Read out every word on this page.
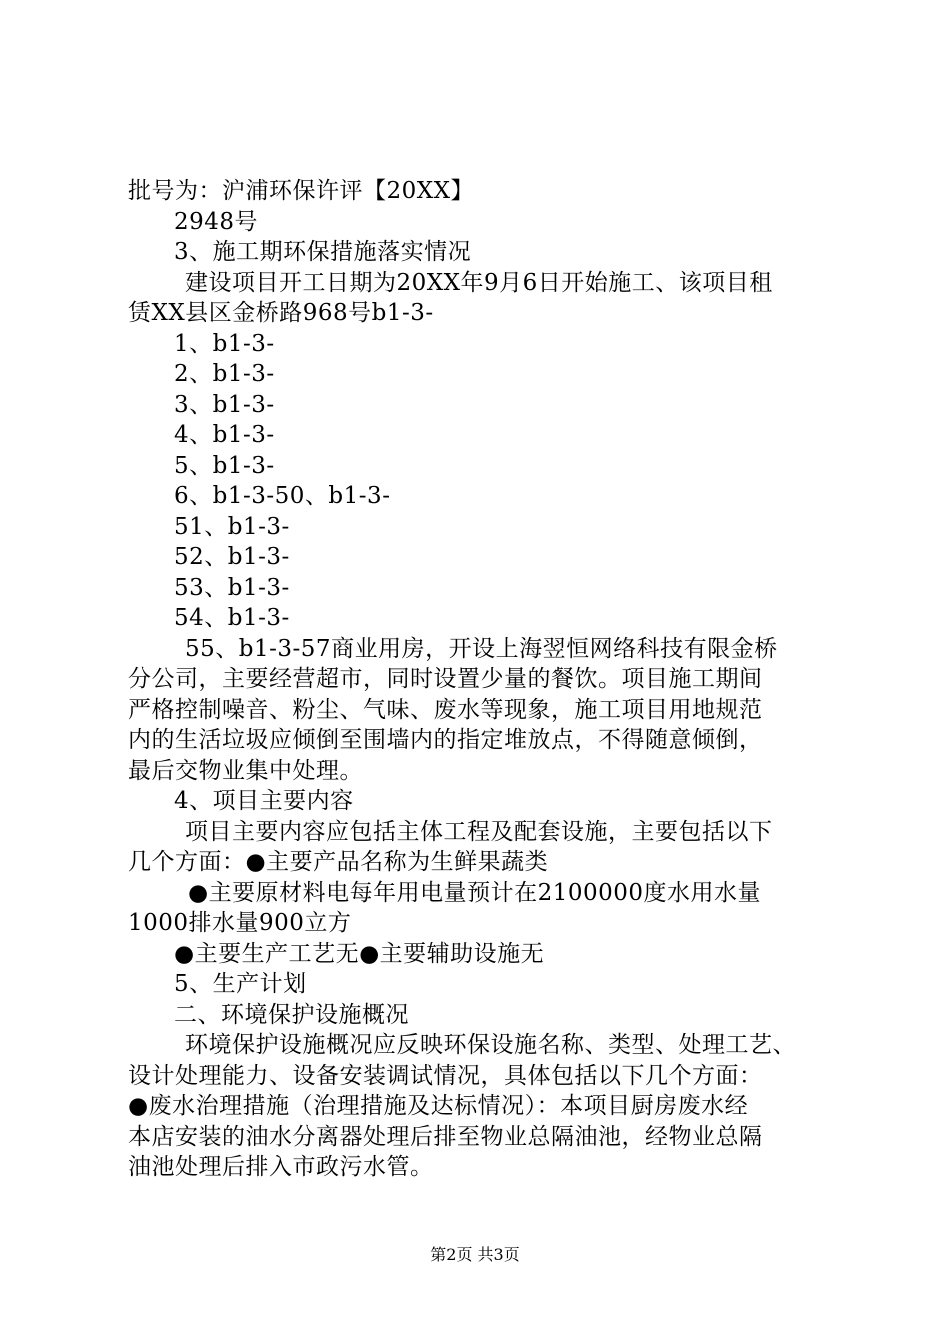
批号为：沪浦环保许评【20XX】
2948号
3、施工期环保措施落实情况
建设项目开工日期为20XX年9月6日开始施工、该项目租
赁XX县区金桥路968号b1-3-
1、b1-3-
2、b1-3-
3、b1-3-
4、b1-3-
5、b1-3-
6、b1-3-50、b1-3-
51、b1-3-
52、b1-3-
53、b1-3-
54、b1-3-
55、b1-3-57商业用房，开设上海翌恒网络科技有限金桥
分公司，主要经营超市，同时设置少量的餐饮。项目施工期间
严格控制噪音、粉尘、气味、废水等现象，施工项目用地规范
内的生活垃圾应倾倒至围墙内的指定堆放点，不得随意倾倒，
最后交物业集中处理。
4、项目主要内容
项目主要内容应包括主体工程及配套设施，主要包括以下
几个方面：●主要产品名称为生鲜果蔬类
●主要原材料电每年用电量预计在2100000度水用水量
1000排水量900立方
●主要生产工艺无●主要辅助设施无
5、生产计划
二、环境保护设施概况
环境保护设施概况应反映环保设施名称、类型、处理工艺、
设计处理能力、设备安装调试情况，具体包括以下几个方面：
●废水治理措施（治理措施及达标情况）：本项目厨房废水经
本店安装的油水分离器处理后排至物业总隔油池，经物业总隔
油池处理后排入市政污水管。
第2页 共3页
